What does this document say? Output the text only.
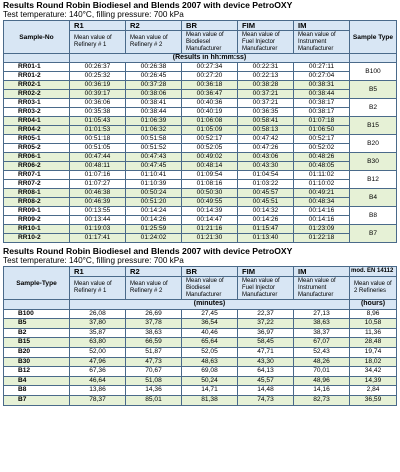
Results Round Robin Biodiesel and Blends 2007 with device PetroOXY
Test temperature: 140°C, filling pressure: 700 kPa
Sample-No	R1	R2	BR	FIM	IM	Sample Type
	Mean value of Refinery # 1	Mean value of Refinery # 2	Mean value of Biodiesel Manufacturer	Mean value of Fuel Injector Manufacturer	Mean value of Instrument Manufacturer	
	(Results in hh:mm:ss)					
RR01-1	00:26:37	00:26:38	00:27:34	00:22:31	00:27:11	B100
RR01-2	00:25:32	00:26:45	00:27:20	00:22:13	00:27:04	
RR02-1	00:36:19	00:37:28	00:36:18	00:38:28	00:38:31	B5
RR02-2	00:39:17	00:38:06	00:36:47	00:37:21	00:38:44	
RR03-1	00:36:06	00:38:41	00:40:36	00:37:21	00:38:17	B2
RR03-2	00:35:38	00:38:44	00:40:19	00:36:35	00:38:17	
RR04-1	01:05:43	01:06:39	01:06:08	00:58:41	01:07:18	B15
RR04-2	01:01:53	01:06:32	01:05:09	00:58:13	01:06:50	
RR05-1	00:51:18	00:51:58	00:52:17	00:47:42	00:52:17	B20
RR05-2	00:51:05	00:51:52	00:52:05	00:47:26	00:52:02	
RR06-1	00:47:44	00:47:43	00:49:02	00:43:06	00:48:26	B30
RR06-2	00:48:11	00:47:45	00:48:14	00:43:30	00:48:05	
RR07-1	01:07:16	01:10:41	01:09:54	01:04:54	01:11:02	B12
RR07-2	01:07:27	01:10:39	01:08:16	01:03:22	01:10:02	
RR08-1	00:46:38	00:50:24	00:50:30	00:45:57	00:49:21	B4
RR08-2	00:46:39	00:51:20	00:49:55	00:45:51	00:48:34	
RR09-1	00:13:55	00:14:24	00:14:39	00:14:32	00:14:16	B8
RR09-2	00:13:44	00:14:26	00:14:47	00:14:26	00:14:16	
RR10-1	01:19:03	01:25:59	01:21:16	01:15:47	01:23:09	B7
RR10-2	01:17:41	01:24:02	01:21:30	01:13:40	01:22:18	
Results Round Robin Biodiesel and Blends 2007 with device PetroOXY
Test temperature: 140°C, filling pressure: 700 kPa
Sample-Type	R1	R2	BR	FIM	IM	mod. EN 14112
	Mean value of Refinery # 1	Mean value of Refinery # 2	Mean value of Biodiesel Manufacturer	Mean value of Fuel Injector Manufacturer	Mean value of Instrument Manufacturer	Mean value of 2 Refineries
	(minutes)					(hours)
B100	26,08	26,69	27,45	22,37	27,13	8,96
B5	37,80	37,78	36,54	37,22	38,63	10,58
B2	35,87	38,63	40,46	36,97	38,37	11,36
B15	63,80	66,59	65,64	58,45	67,07	28,48
B20	52,00	51,87	52,05	47,71	52,43	19,74
B30	47,96	47,73	48,63	43,30	48,26	18,02
B12	67,36	70,67	69,08	64,13	70,01	34,42
B4	46,64	51,08	50,24	45,57	48,96	14,39
B8	13,86	14,36	14,71	14,48	14,16	2,84
B7	78,37	85,01	81,38	74,73	82,73	36,59
